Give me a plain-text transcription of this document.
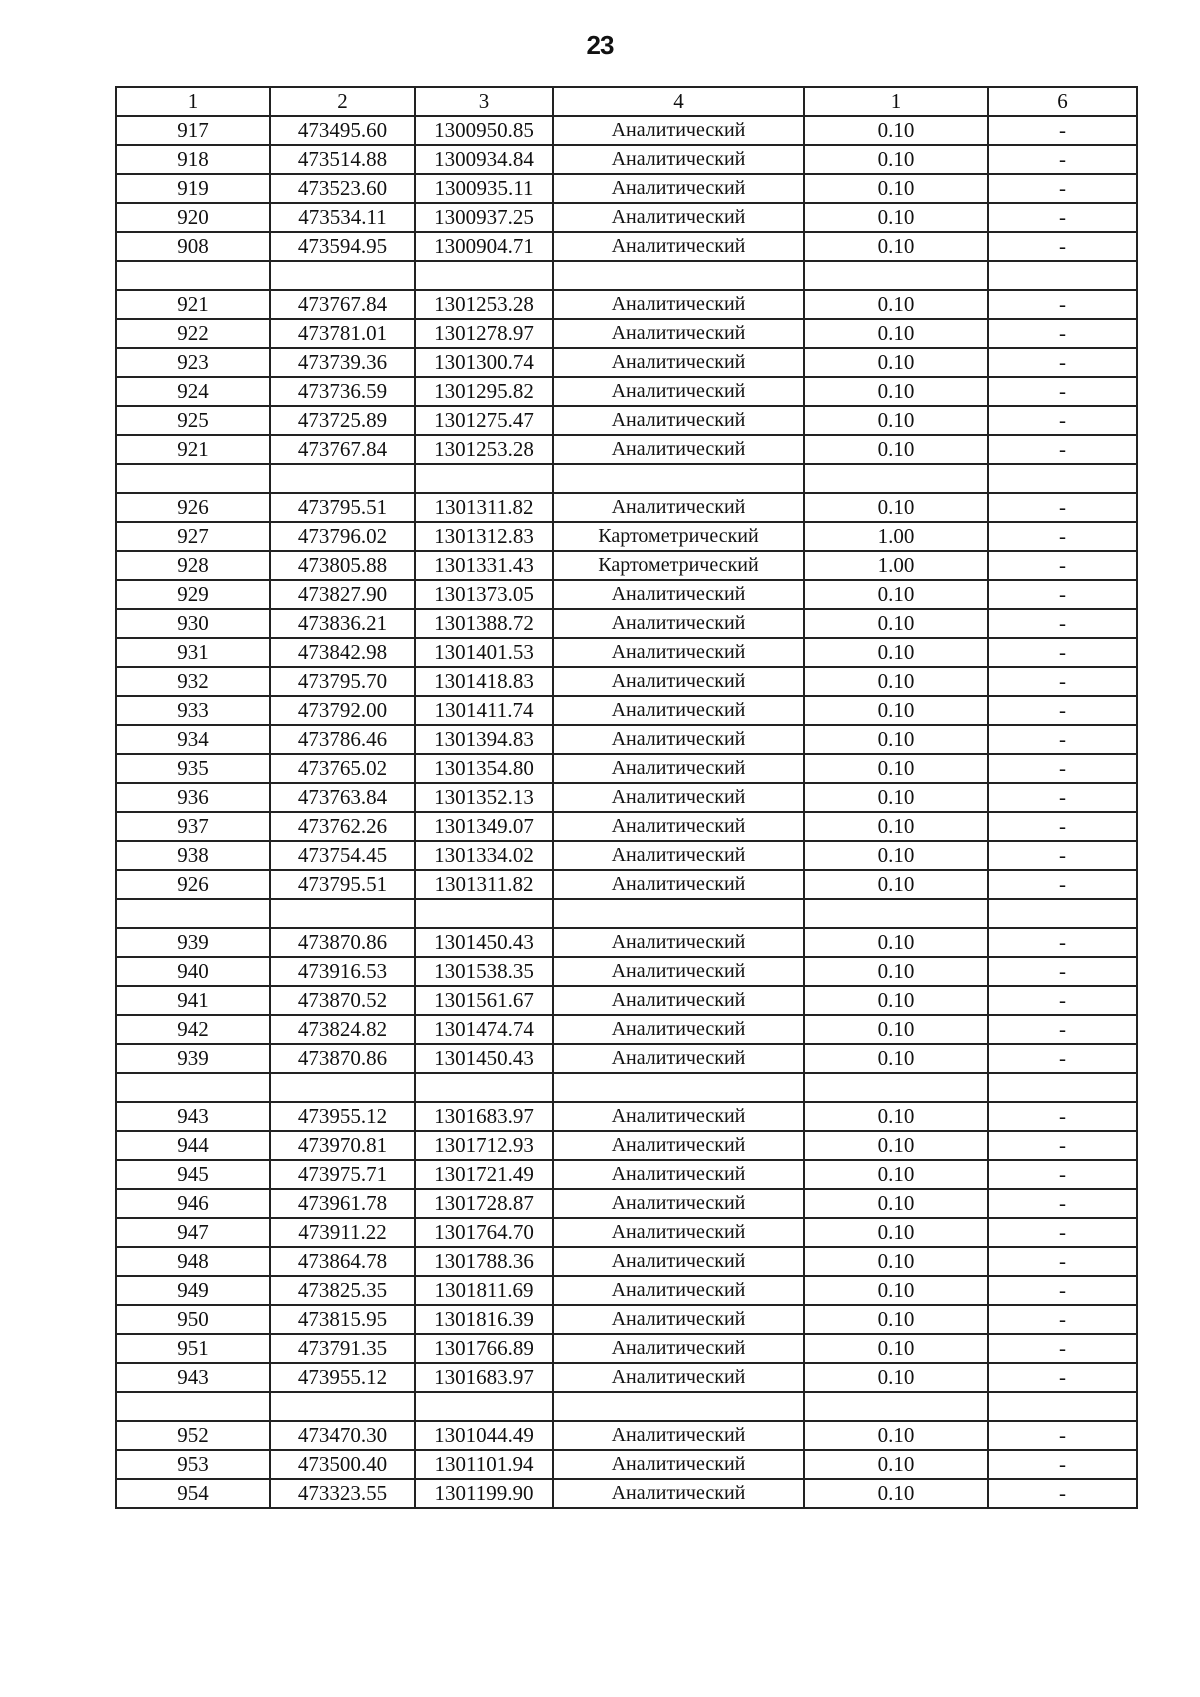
23
1	2	3	4	1	6
917	473495.60	1300950.85	Аналитический	0.10	-
918	473514.88	1300934.84	Аналитический	0.10	-
919	473523.60	1300935.11	Аналитический	0.10	-
920	473534.11	1300937.25	Аналитический	0.10	-
908	473594.95	1300904.71	Аналитический	0.10	-

921	473767.84	1301253.28	Аналитический	0.10	-
922	473781.01	1301278.97	Аналитический	0.10	-
923	473739.36	1301300.74	Аналитический	0.10	-
924	473736.59	1301295.82	Аналитический	0.10	-
925	473725.89	1301275.47	Аналитический	0.10	-
921	473767.84	1301253.28	Аналитический	0.10	-

926	473795.51	1301311.82	Аналитический	0.10	-
927	473796.02	1301312.83	Картометрический	1.00	-
928	473805.88	1301331.43	Картометрический	1.00	-
929	473827.90	1301373.05	Аналитический	0.10	-
930	473836.21	1301388.72	Аналитический	0.10	-
931	473842.98	1301401.53	Аналитический	0.10	-
932	473795.70	1301418.83	Аналитический	0.10	-
933	473792.00	1301411.74	Аналитический	0.10	-
934	473786.46	1301394.83	Аналитический	0.10	-
935	473765.02	1301354.80	Аналитический	0.10	-
936	473763.84	1301352.13	Аналитический	0.10	-
937	473762.26	1301349.07	Аналитический	0.10	-
938	473754.45	1301334.02	Аналитический	0.10	-
926	473795.51	1301311.82	Аналитический	0.10	-

939	473870.86	1301450.43	Аналитический	0.10	-
940	473916.53	1301538.35	Аналитический	0.10	-
941	473870.52	1301561.67	Аналитический	0.10	-
942	473824.82	1301474.74	Аналитический	0.10	-
939	473870.86	1301450.43	Аналитический	0.10	-

943	473955.12	1301683.97	Аналитический	0.10	-
944	473970.81	1301712.93	Аналитический	0.10	-
945	473975.71	1301721.49	Аналитический	0.10	-
946	473961.78	1301728.87	Аналитический	0.10	-
947	473911.22	1301764.70	Аналитический	0.10	-
948	473864.78	1301788.36	Аналитический	0.10	-
949	473825.35	1301811.69	Аналитический	0.10	-
950	473815.95	1301816.39	Аналитический	0.10	-
951	473791.35	1301766.89	Аналитический	0.10	-
943	473955.12	1301683.97	Аналитический	0.10	-

952	473470.30	1301044.49	Аналитический	0.10	-
953	473500.40	1301101.94	Аналитический	0.10	-
954	473323.55	1301199.90	Аналитический	0.10	-
